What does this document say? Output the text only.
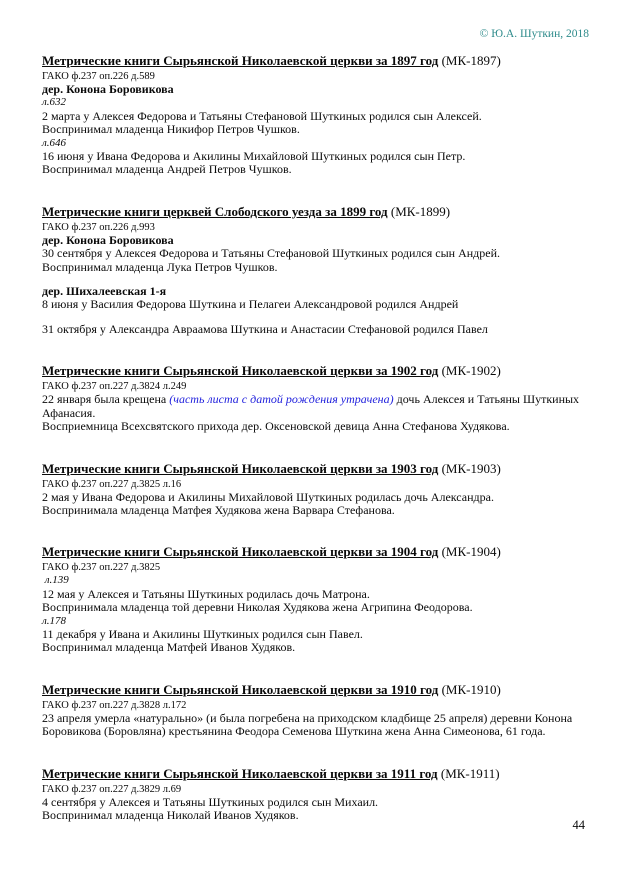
© Ю.А. Шуткин, 2018
Метрические книги Сырьянской Николаевской церкви за 1897 год (МК-1897)
ГАКО ф.237 оп.226 д.589
дер. Конона Боровикова
л.632
2 марта у Алексея Федорова и Татьяны Стефановой Шуткиных родился сын Алексей.
Воспринимал младенца Никифор Петров Чушков.
л.646
16 июня у Ивана Федорова и Акилины Михайловой Шуткиных родился сын Петр.
Воспринимал младенца Андрей Петров Чушков.
Метрические книги церквей Слободского уезда за 1899 год (МК-1899)
ГАКО ф.237 оп.226 д.993
дер. Конона Боровикова
30 сентября у Алексея Федорова и Татьяны Стефановой Шуткиных родился сын Андрей.
Воспринимал младенца Лука Петров Чушков.
дер. Шихалеевская 1-я
8 июня у Василия Федорова Шуткина и Пелагеи Александровой родился Андрей
31 октября у Александра Авраамова Шуткина и Анастасии Стефановой родился Павел
Метрические книги Сырьянской Николаевской церкви за 1902 год (МК-1902)
ГАКО ф.237 оп.227 д.3824 л.249
22 января была крещена (часть листа с датой рождения утрачена) дочь Алексея и Татьяны Шуткиных Афанасия.
Восприемница Всехсвятского прихода дер. Оксеновской девица Анна Стефанова Худякова.
Метрические книги Сырьянской Николаевской церкви за 1903 год (МК-1903)
ГАКО ф.237 оп.227 д.3825 л.16
2 мая у Ивана Федорова и Акилины Михайловой Шуткиных родилась дочь Александра.
Воспринимала младенца Матфея Худякова жена Варвара Стефанова.
Метрические книги Сырьянской Николаевской церкви за 1904 год (МК-1904)
ГАКО ф.237 оп.227 д.3825
л.139
12 мая у Алексея и Татьяны Шуткиных родилась дочь Матрона.
Воспринимала младенца той деревни Николая Худякова жена Агрипина Феодорова.
л.178
11 декабря у Ивана и Акилины Шуткиных родился сын Павел.
Воспринимал младенца Матфей Иванов Худяков.
Метрические книги Сырьянской Николаевской церкви за 1910 год (МК-1910)
ГАКО ф.237 оп.227 д.3828 л.172
23 апреля умерла «натурально» (и была погребена на приходском кладбище 25 апреля) деревни Конона Боровикова (Боровляна) крестьянина Феодора Семенова Шуткина жена Анна Симеонова, 61 года.
Метрические книги Сырьянской Николаевской церкви за 1911 год (МК-1911)
ГАКО ф.237 оп.227 д.3829 л.69
4 сентября у Алексея и Татьяны Шуткиных родился сын Михаил.
Воспринимал младенца Николай Иванов Худяков.
44
